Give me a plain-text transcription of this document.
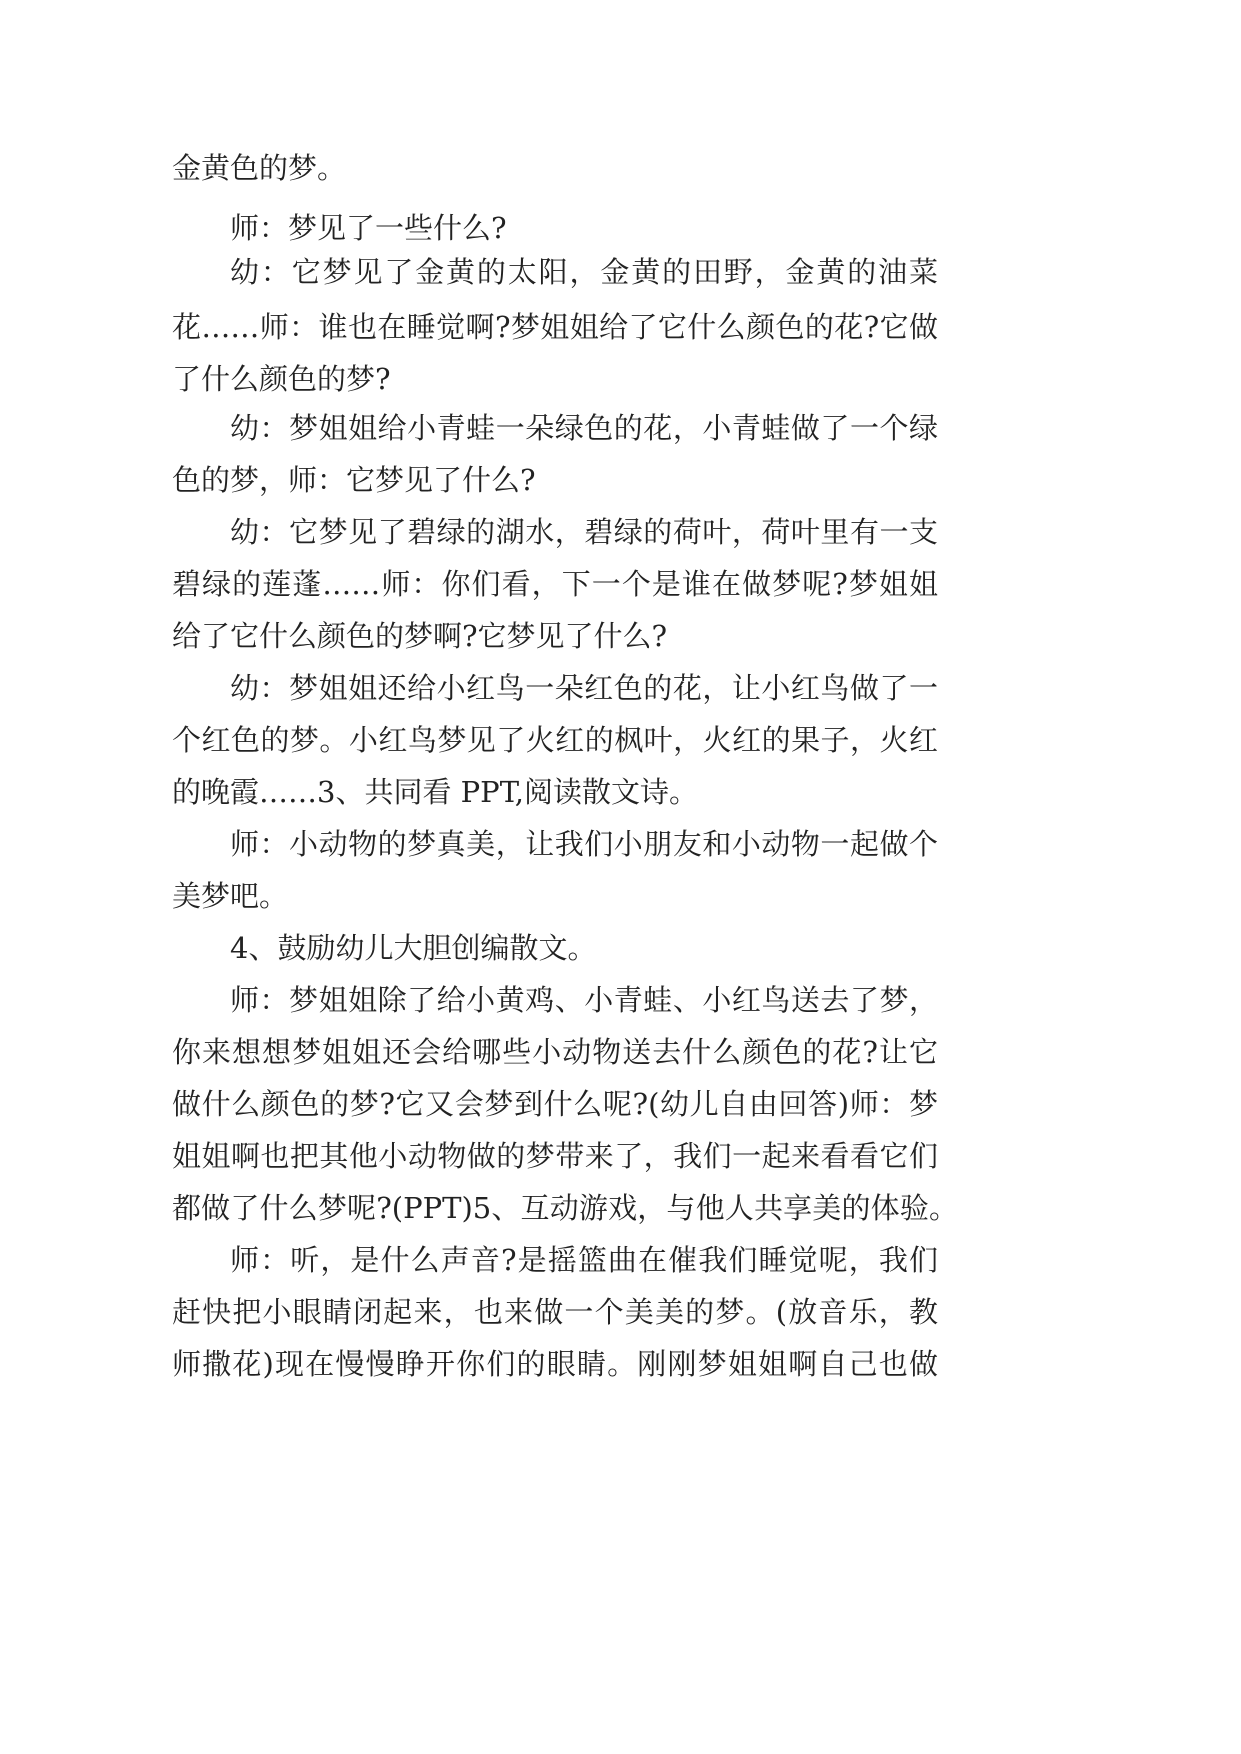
金黄色的梦。
师：梦见了一些什么?
幼：它梦见了金黄的太阳，金黄的田野，金黄的油菜
花……师：谁也在睡觉啊?梦姐姐给了它什么颜色的花?它做
了什么颜色的梦?
幼：梦姐姐给小青蛙一朵绿色的花，小青蛙做了一个绿
色的梦，师：它梦见了什么?
幼：它梦见了碧绿的湖水，碧绿的荷叶，荷叶里有一支
碧绿的莲蓬……师：你们看，下一个是谁在做梦呢?梦姐姐
给了它什么颜色的梦啊?它梦见了什么?
幼：梦姐姐还给小红鸟一朵红色的花，让小红鸟做了一
个红色的梦。小红鸟梦见了火红的枫叶，火红的果子，火红
的晚霞……3、共同看 PPT,阅读散文诗。
师：小动物的梦真美，让我们小朋友和小动物一起做个
美梦吧。
4、鼓励幼儿大胆创编散文。
师：梦姐姐除了给小黄鸡、小青蛙、小红鸟送去了梦，
你来想想梦姐姐还会给哪些小动物送去什么颜色的花?让它
做什么颜色的梦?它又会梦到什么呢?(幼儿自由回答)师：梦
姐姐啊也把其他小动物做的梦带来了，我们一起来看看它们
都做了什么梦呢?(PPT)5、互动游戏，与他人共享美的体验。
师：听，是什么声音?是摇篮曲在催我们睡觉呢，我们
赶快把小眼睛闭起来，也来做一个美美的梦。(放音乐，教
师撒花)现在慢慢睁开你们的眼睛。刚刚梦姐姐啊自己也做
